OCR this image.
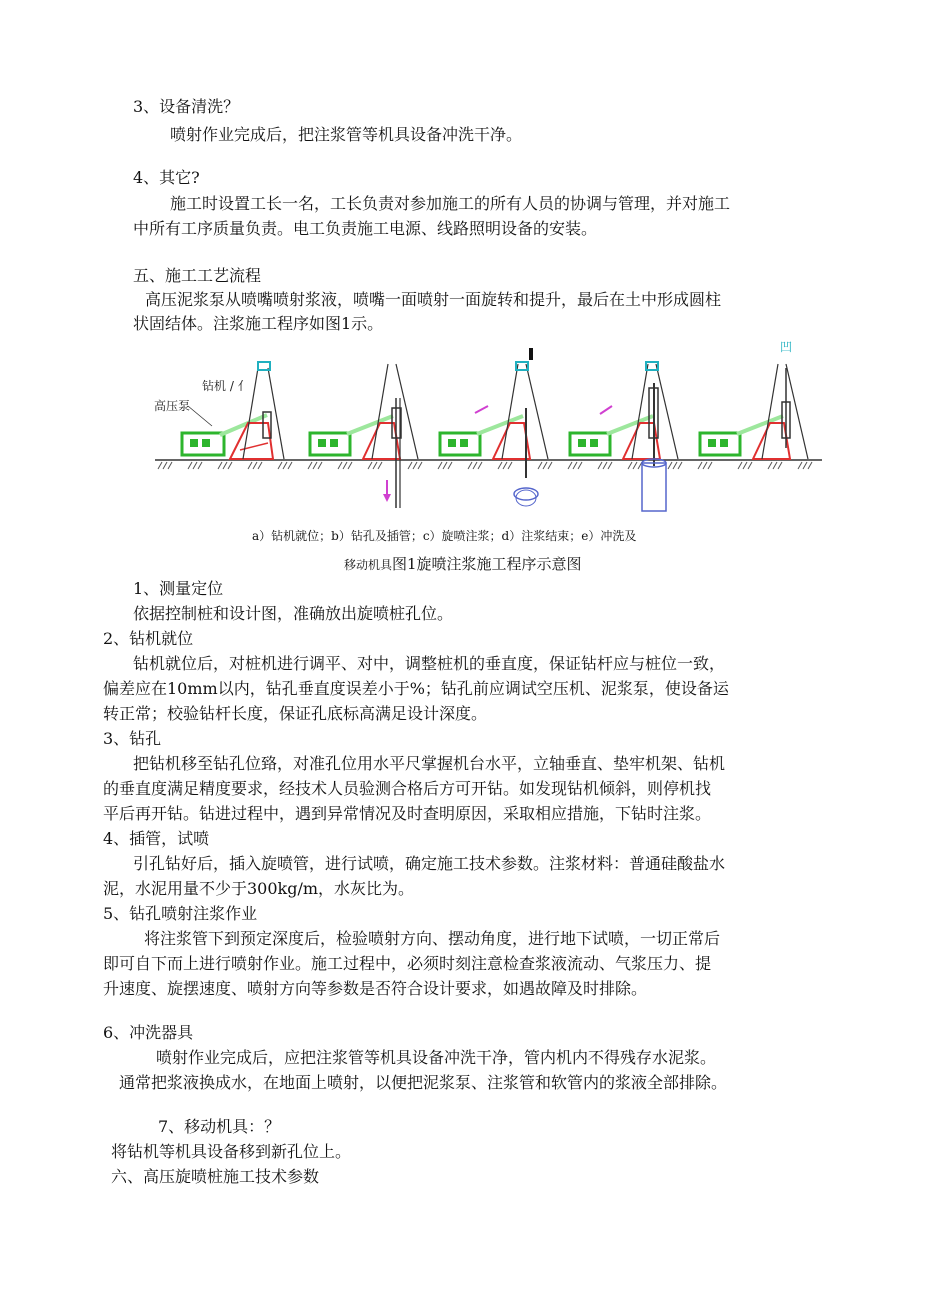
3、设备清洗？
喷射作业完成后，把注浆管等机具设备冲洗干净。
4、其它?
施工时设置工长一名，工长负责对参加施工的所有人员的协调与管理，并对施工
中所有工序质量负责。电工负责施工电源、线路照明设备的安装。
五、施工工艺流程
高压泥浆泵从喷嘴喷射浆液，喷嘴一面喷射一面旋转和提升，最后在土中形成圆柱
状固结体。注浆施工程序如图1示。
钻机 / 亻
高压泵
凹
a）钻机就位；b）钻孔及插管；c）旋喷注浆；d）注浆结束；e）冲洗及
移动机具图1旋喷注浆施工程序示意图
1、测量定位
依据控制桩和设计图，准确放出旋喷桩孔位。
2、钻机就位
钻机就位后，对桩机进行调平、对中，调整桩机的垂直度，保证钻杆应与桩位一致，
偏差应在10mm以内，钻孔垂直度误差小于%；钻孔前应调试空压机、泥浆泵，使设备运
转正常；校验钻杆长度，保证孔底标高满足设计深度。
3、钻孔
把钻机移至钻孔位臵，对准孔位用水平尺掌握机台水平，立轴垂直、垫牢机架、钻机
的垂直度满足精度要求，经技术人员验测合格后方可开钻。如发现钻机倾斜，则停机找
平后再开钻。钻进过程中，遇到异常情况及时查明原因，采取相应措施，下钻时注浆。
4、插管，试喷
引孔钻好后，插入旋喷管，进行试喷，确定施工技术参数。注浆材料：普通硅酸盐水
泥，水泥用量不少于300kg/m，水灰比为。
5、钻孔喷射注浆作业
将注浆管下到预定深度后，检验喷射方向、摆动角度，进行地下试喷，一切正常后
即可自下而上进行喷射作业。施工过程中，必须时刻注意检查浆液流动、气浆压力、提
升速度、旋摆速度、喷射方向等参数是否符合设计要求，如遇故障及时排除。
6、冲洗器具
喷射作业完成后，应把注浆管等机具设备冲洗干净，管内机内不得残存水泥浆。
通常把浆液换成水，在地面上喷射，以便把泥浆泵、注浆管和软管内的浆液全部排除。
7、移动机具：？
将钻机等机具设备移到新孔位上。
六、高压旋喷桩施工技术参数
